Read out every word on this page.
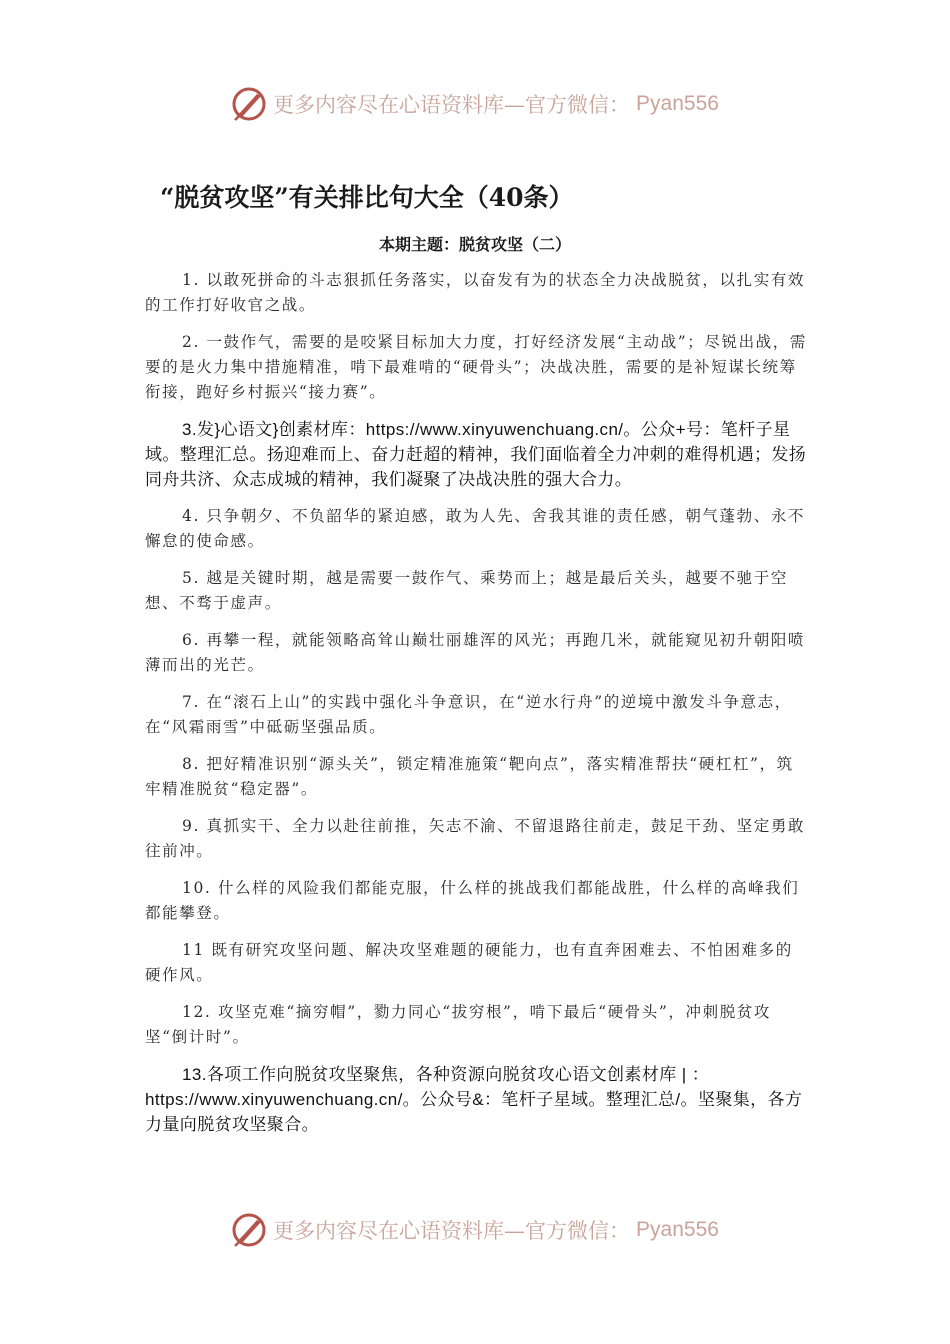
更多内容尽在心语资料库—官方微信： Pyan556
“脱贫攻坚”有关排比句大全（40条）

本期主题：脱贫攻坚（二）

1. 以敢死拼命的斗志狠抓任务落实，以奋发有为的状态全力决战脱贫，以扎实有效的工作打好收官之战。

2. 一鼓作气，需要的是咬紧目标加大力度，打好经济发展“主动战”；尽锐出战，需要的是火力集中措施精准，啃下最难啃的“硬骨头”；决战决胜，需要的是补短谋长统筹衔接，跑好乡村振兴“接力赛”。

3.发}心语文}创素材库：https://www.xinyuwenchuang.cn/。公众+号：笔杆子星域。整理汇总。扬迎难而上、奋力赶超的精神，我们面临着全力冲刺的难得机遇；发扬同舟共济、众志成城的精神，我们凝聚了决战决胜的强大合力。

4. 只争朝夕、不负韶华的紧迫感，敢为人先、舍我其谁的责任感，朝气蓬勃、永不懈怠的使命感。

5. 越是关键时期，越是需要一鼓作气、乘势而上；越是最后关头，越要不驰于空想、不骛于虚声。

6. 再攀一程，就能领略高耸山巅壮丽雄浑的风光；再跑几米，就能窥见初升朝阳喷薄而出的光芒。

7. 在“滚石上山”的实践中强化斗争意识，在“逆水行舟”的逆境中激发斗争意志，在“风霜雨雪”中砥砺坚强品质。

8. 把好精准识别“源头关”，锁定精准施策“靶向点”，落实精准帮扶“硬杠杠”，筑牢精准脱贫“稳定器”。

9. 真抓实干、全力以赴往前推，矢志不渝、不留退路往前走，鼓足干劲、坚定勇敢往前冲。

10. 什么样的风险我们都能克服，什么样的挑战我们都能战胜，什么样的高峰我们都能攀登。

11 既有研究攻坚问题、解决攻坚难题的硬能力，也有直奔困难去、不怕困难多的硬作风。

12. 攻坚克难“摘穷帽”，勠力同心“拔穷根”，啃下最后“硬骨头”，冲刺脱贫攻坚“倒计时”。

13.各项工作向脱贫攻坚聚焦，各种资源向脱贫攻心语文创素材库 | ：
https://www.xinyuwenchuang.cn/。公众号&：笔杆子星域。整理汇总/。坚聚集，各方力量向脱贫攻坚聚合。

更多内容尽在心语资料库—官方微信： Pyan556
